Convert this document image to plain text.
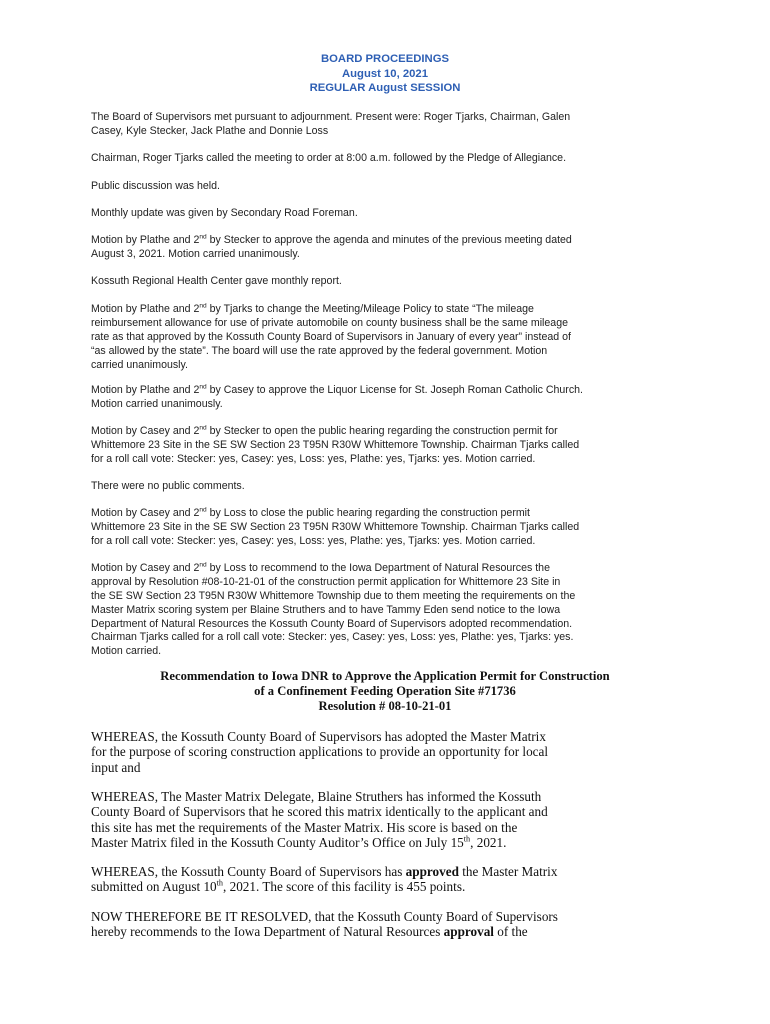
BOARD PROCEEDINGS
August 10, 2021
REGULAR August SESSION
The Board of Supervisors met pursuant to adjournment. Present were: Roger Tjarks, Chairman, Galen
Casey, Kyle Stecker, Jack Plathe and Donnie Loss
Chairman, Roger Tjarks called the meeting to order at 8:00 a.m. followed by the Pledge of Allegiance.
Public discussion was held.
Monthly update was given by Secondary Road Foreman.
Motion by Plathe and 2nd by Stecker to approve the agenda and minutes of the previous meeting dated
August 3, 2021. Motion carried unanimously.
Kossuth Regional Health Center gave monthly report.
Motion by Plathe and 2nd by Tjarks to change the Meeting/Mileage Policy to state “The mileage
reimbursement allowance for use of private automobile on county business shall be the same mileage
rate as that approved by the Kossuth County Board of Supervisors in January of every year” instead of
“as allowed by the state”. The board will use the rate approved by the federal government. Motion
carried unanimously.
Motion by Plathe and 2nd by Casey to approve the Liquor License for St. Joseph Roman Catholic Church.
Motion carried unanimously.
Motion by Casey and 2nd by Stecker to open the public hearing regarding the construction permit for
Whittemore 23 Site in the SE SW Section 23 T95N R30W Whittemore Township. Chairman Tjarks called
for a roll call vote: Stecker: yes, Casey: yes, Loss: yes, Plathe: yes, Tjarks: yes. Motion carried.
There were no public comments.
Motion by Casey and 2nd by Loss to close the public hearing regarding the construction permit
Whittemore 23 Site in the SE SW Section 23 T95N R30W Whittemore Township. Chairman Tjarks called
for a roll call vote: Stecker: yes, Casey: yes, Loss: yes, Plathe: yes, Tjarks: yes. Motion carried.
Motion by Casey and 2nd by Loss to recommend to the Iowa Department of Natural Resources the
approval by Resolution #08-10-21-01 of the construction permit application for Whittemore 23 Site in
the SE SW Section 23 T95N R30W Whittemore Township due to them meeting the requirements on the
Master Matrix scoring system per Blaine Struthers and to have Tammy Eden send notice to the Iowa
Department of Natural Resources the Kossuth County Board of Supervisors adopted recommendation.
Chairman Tjarks called for a roll call vote: Stecker: yes, Casey: yes, Loss: yes, Plathe: yes, Tjarks: yes.
Motion carried.
Recommendation to Iowa DNR to Approve the Application Permit for Construction
of a Confinement Feeding Operation Site #71736
Resolution # 08-10-21-01
WHEREAS, the Kossuth County Board of Supervisors has adopted the Master Matrix
for the purpose of scoring construction applications to provide an opportunity for local
input and
WHEREAS, The Master Matrix Delegate, Blaine Struthers has informed the Kossuth
County Board of Supervisors that he scored this matrix identically to the applicant and
this site has met the requirements of the Master Matrix. His score is based on the
Master Matrix filed in the Kossuth County Auditor’s Office on July 15th, 2021.
WHEREAS, the Kossuth County Board of Supervisors has approved the Master Matrix
submitted on August 10th, 2021. The score of this facility is 455 points.
NOW THEREFORE BE IT RESOLVED, that the Kossuth County Board of Supervisors
hereby recommends to the Iowa Department of Natural Resources approval of the
